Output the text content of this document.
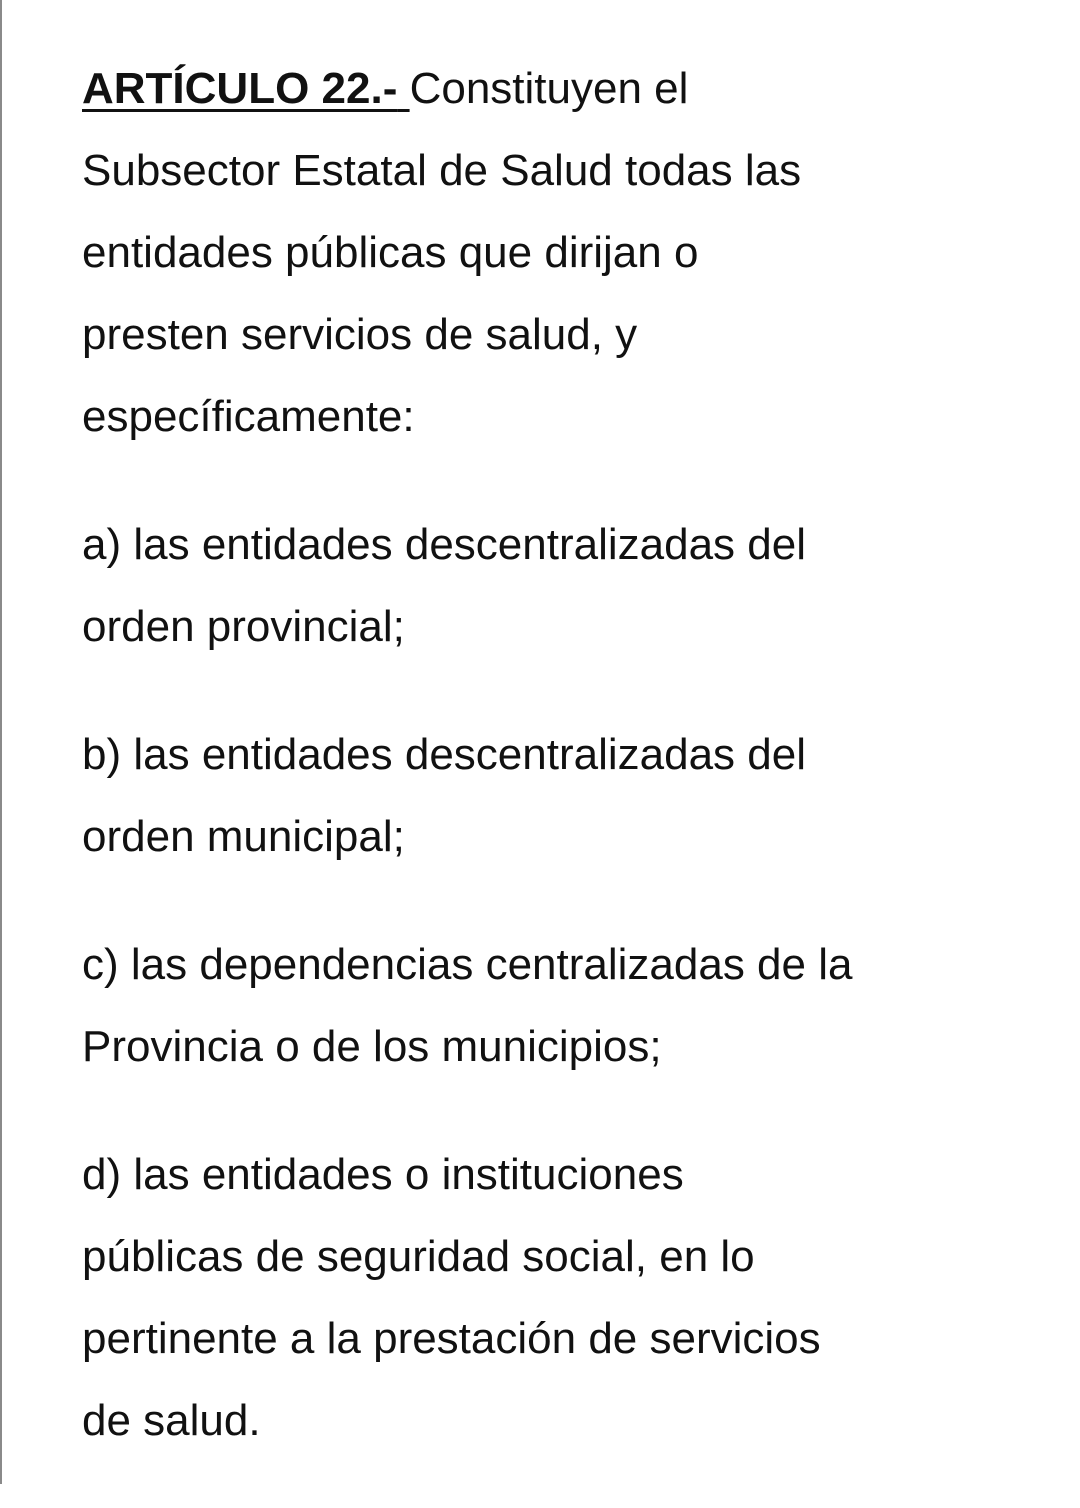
ARTÍCULO 22.- Constituyen el
Subsector Estatal de Salud todas las
entidades públicas que dirijan o
presten servicios de salud, y
específicamente:
a) las entidades descentralizadas del
orden provincial;
b) las entidades descentralizadas del
orden municipal;
c) las dependencias centralizadas de la
Provincia o de los municipios;
d) las entidades o instituciones
públicas de seguridad social, en lo
pertinente a la prestación de servicios
de salud.
